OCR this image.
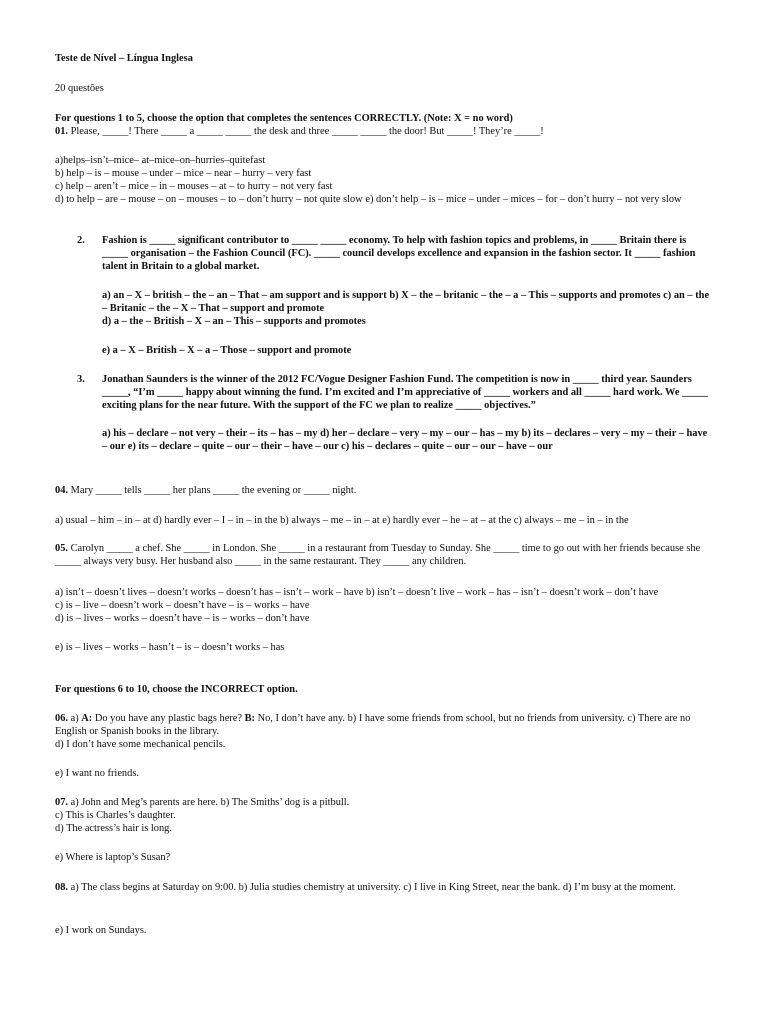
Teste de Nível – Língua Inglesa

20 questões

For questions 1 to 5, choose the option that completes the sentences CORRECTLY. (Note: X = no word)

01. Please, _____! There _____ a _____ _____ the desk and three _____ _____ the door! But _____! They’re _____!

a)helps–isn’t–mice– at–mice–on–hurries–quitefast

b) help – is – mouse – under – mice – near – hurry – very fast

c) help – aren’t – mice – in – mouses – at – to hurry – not very fast

d) to help – are – mouse – on – mouses – to – don’t hurry – not quite slow e) don’t help – is – mice – under – mices – for – don’t hurry – not very slow

2. Fashion is _____ significant contributor to _____ _____ economy. To help with fashion topics and problems, in _____ Britain there is _____ organisation – the Fashion Council (FC). _____ council develops excellence and expansion in the fashion sector. It _____ fashion talent in Britain to a global market.

a) an – X – british – the – an – That – am support and is support b) X – the – britanic – the – a – This – supports and promotes c) an – the – Britanic – the – X – That – support and promote

d) a – the – British – X – an – This – supports and promotes

e) a – X – British – X – a – Those – support and promote

3. Jonathan Saunders is the winner of the 2012 FC/Vogue Designer Fashion Fund. The competition is now in _____ third year. Saunders _____, “I’m _____ happy about winning the fund. I’m excited and I’m appreciative of _____ workers and all _____ hard work. We _____ exciting plans for the near future. With the support of the FC we plan to realize _____ objectives.”

a) his – declare – not very – their – its – has – my d) her – declare – very – my – our – has – my b) its – declares – very – my – their – have – our e) its – declare – quite – our – their – have – our c) his – declares – quite – our – our – have – our

04. Mary _____ tells _____ her plans _____ the evening or _____ night.

a) usual – him – in – at d) hardly ever – I – in – in the b) always – me – in – at e) hardly ever – he – at – at the c) always – me – in – in the

05. Carolyn _____ a chef. She _____ in London. She _____ in a restaurant from Tuesday to Sunday. She _____ time to go out with her friends because she _____ always very busy. Her husband also _____ in the same restaurant. They _____ any children.

a) isn’t – doesn’t lives – doesn’t works – doesn’t has – isn’t – work – have b) isn’t – doesn’t live – work – has – isn’t – doesn’t work – don’t have

c) is – live – doesn’t work – doesn’t have – is – works – have

d) is – lives – works – doesn’t have – is – works – don’t have

e) is – lives – works – hasn’t – is – doesn’t works – has

For questions 6 to 10, choose the INCORRECT option.

06. a) A: Do you have any plastic bags here? B: No, I don’t have any. b) I have some friends from school, but no friends from university. c) There are no English or Spanish books in the library.

d) I don’t have some mechanical pencils.

e) I want no friends.

07. a) John and Meg’s parents are here. b) The Smiths’ dog is a pitbull.

c) This is Charles’s daughter.

d) The actress’s hair is long.

e) Where is laptop’s Susan?

08. a) The class begins at Saturday on 9:00. b) Julia studies chemistry at university. c) I live in King Street, near the bank. d) I’m busy at the moment.

e) I work on Sundays.
